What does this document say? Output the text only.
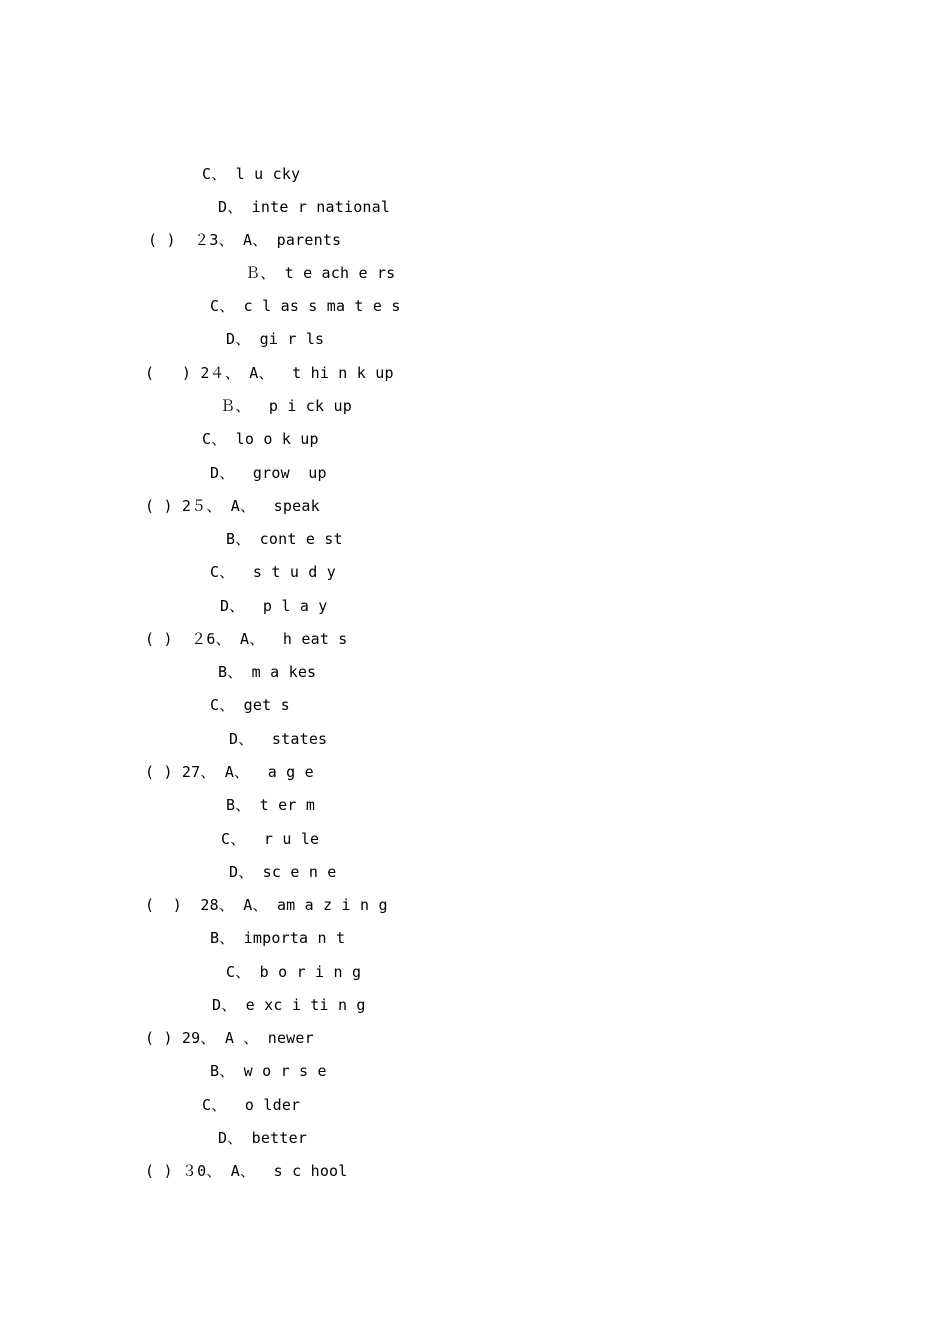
C、 l u cky
D、 inte r national
( )  ２3、 A、 parents
Ｂ、 t e ach e rs
C、 c l as s ma t e s
D、 gi r ls
(   ) 2４、 A、  t hi n k up
Ｂ、  p i ck up
C、 lo o k up
D、  grow  up
( ) 2５、 A、  speak
B、 cont e st
C、  s t u d y
D、  p l a y
( )  ２6、 A、  h eat s
B、 m a kes
C、 get s
D、  states
( ) 27、 A、  a g e
B、 t er m
C、  r u le
D、 sc e n e
(  )  28、 A、 am a z i n g
B、 importa n t
C、 b o r i n g
D、 e xc i ti n g
( ) 29、 A 、 newer
B、 w o r s e
C、  o lder
D、 better
( ) ３0、 A、  s c hool
